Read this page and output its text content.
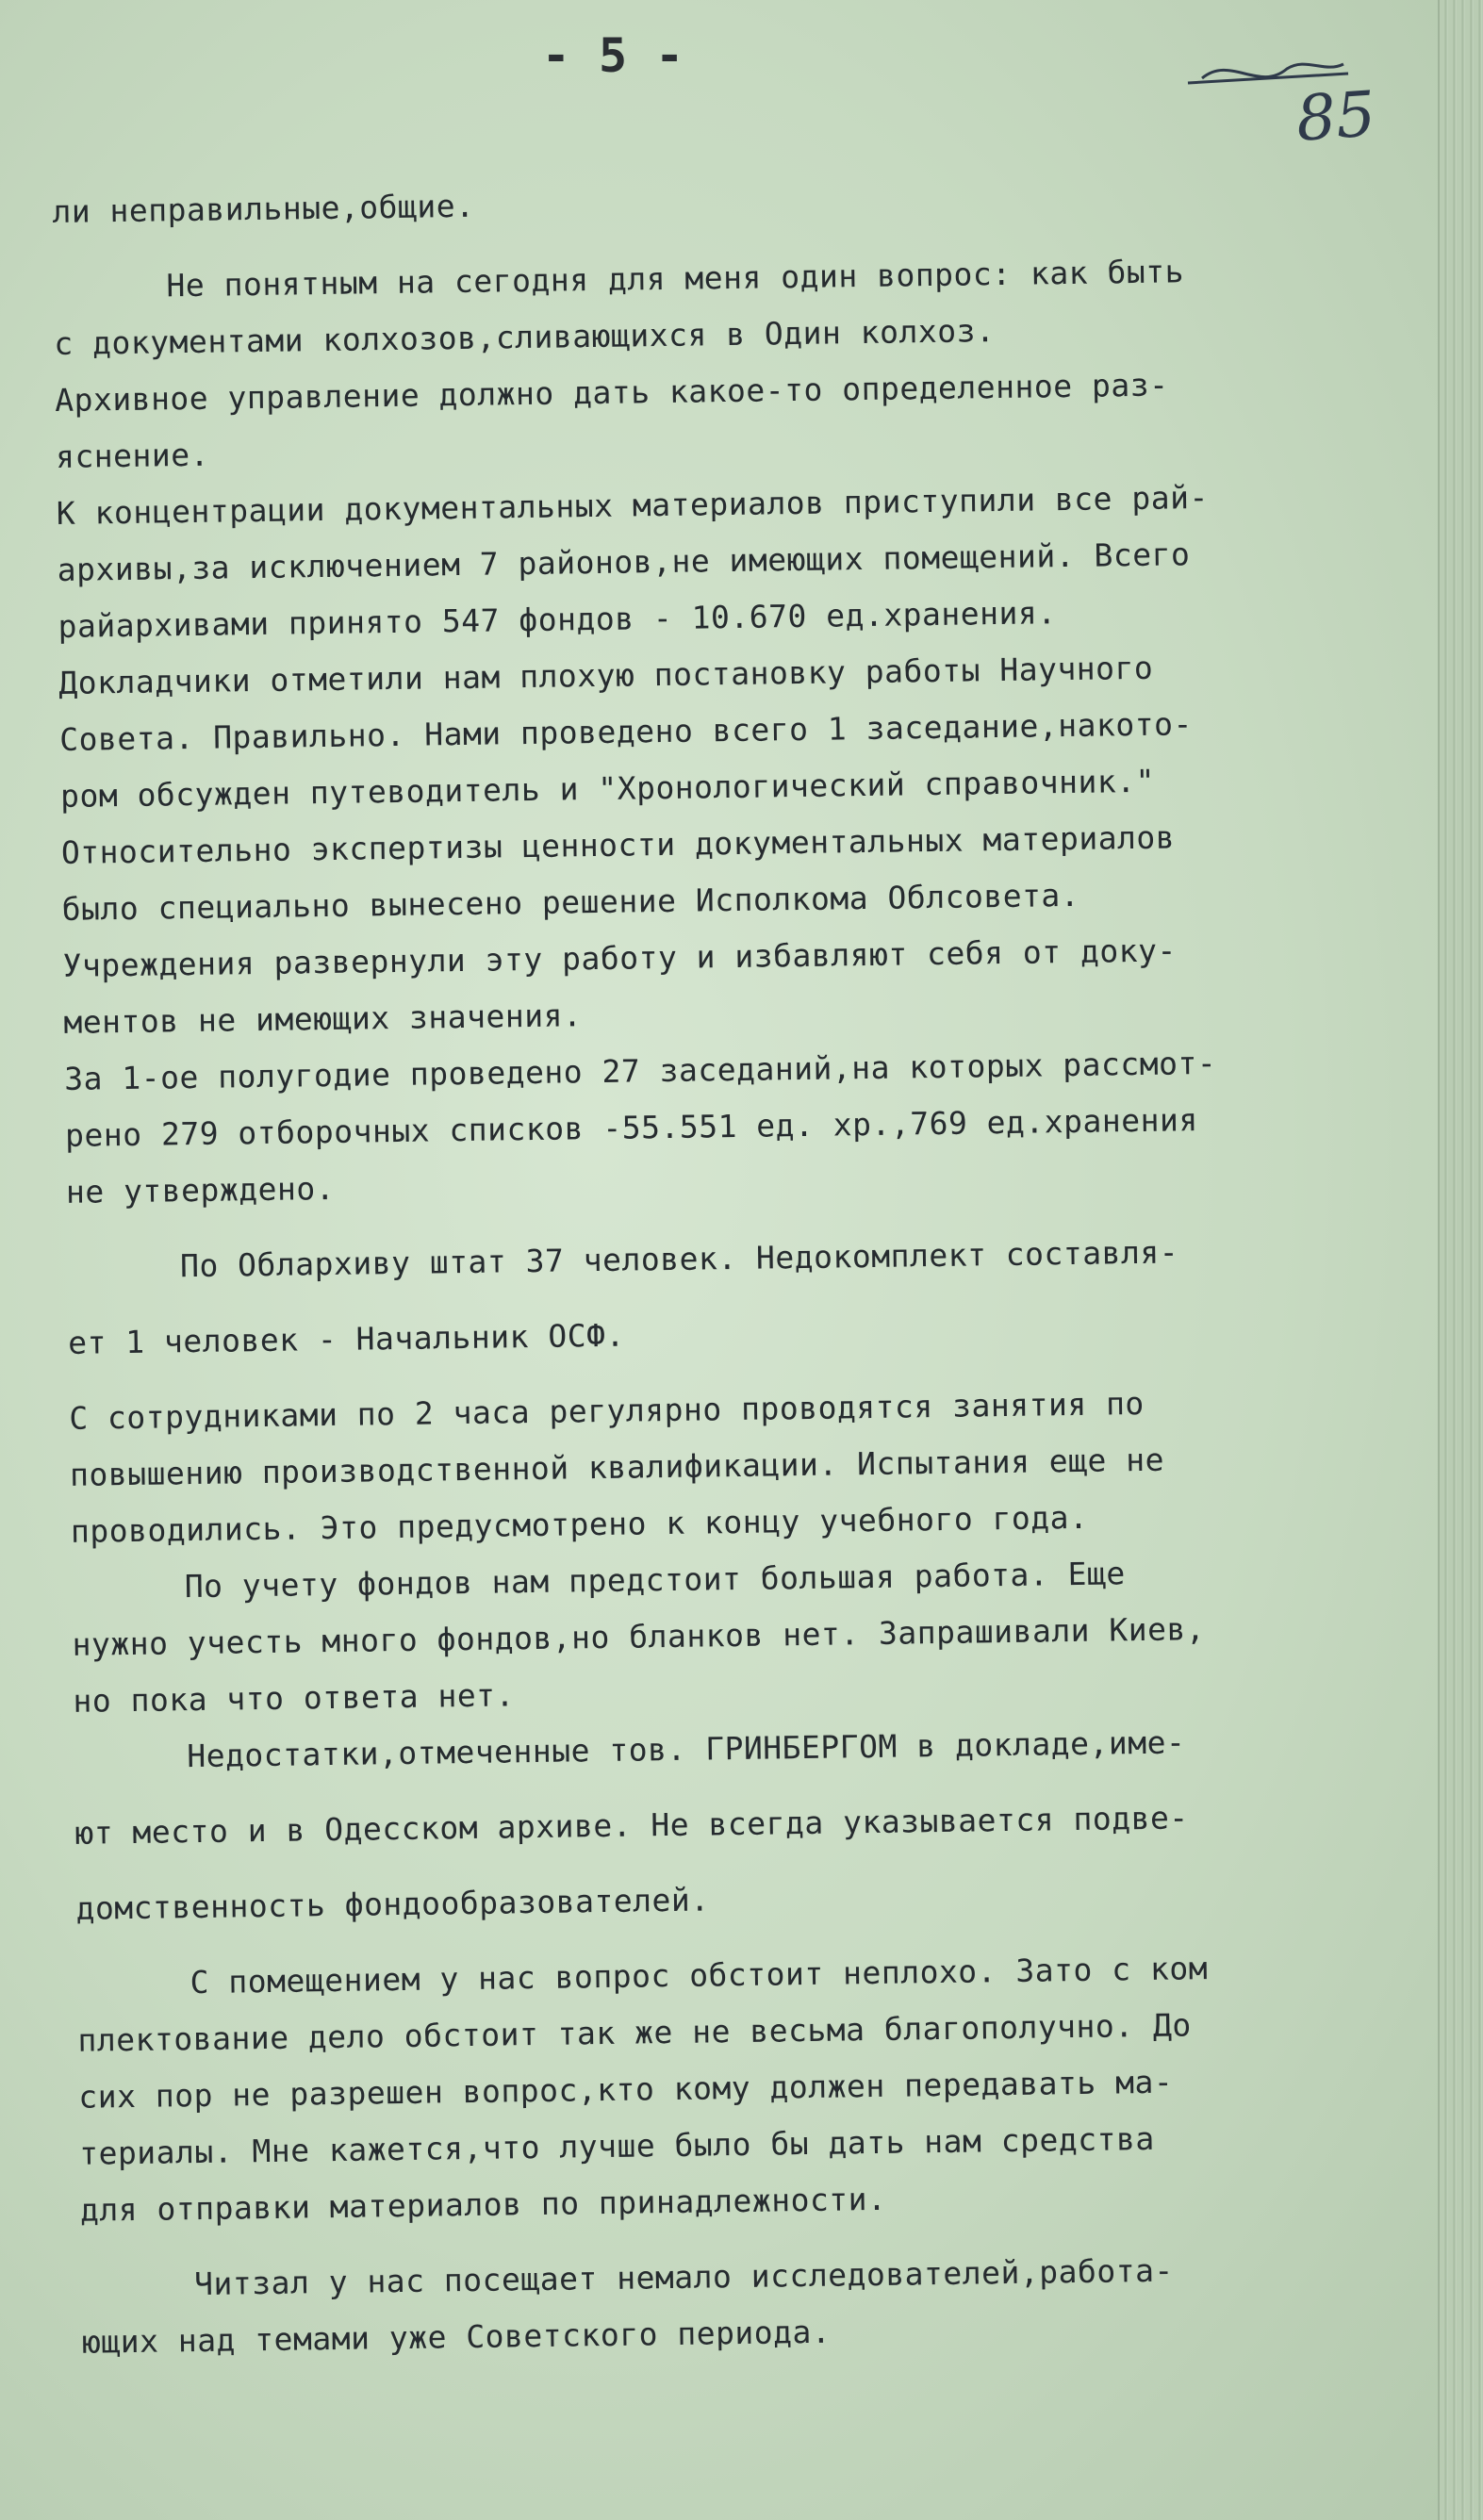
- 5 -
85
ли неправильные,общие.
Не понятным на сегодня для меня один вопрос: как быть
с документами колхозов,сливающихся в Один колхоз.
Архивное управление должно дать какое-то определенное раз-
яснение.
К концентрации документальных материалов приступили все рай-
архивы,за исключением 7 районов,не имеющих помещений. Всего
райархивами принято 547 фондов - 10.670 ед.хранения.
Докладчики отметили нам плохую постановку работы Научного
Совета. Правильно. Нами проведено всего 1 заседание,накото-
ром обсужден путеводитель и "Хронологический справочник."
Относительно экспертизы ценности документальных материалов
было специально вынесено решение Исполкома Облсовета.
Учреждения развернули эту работу и избавляют себя от доку-
ментов не имеющих значения.
За 1-ое полугодие проведено 27 заседаний,на которых рассмот-
рено 279 отборочных списков -55.551 ед. хр.,769 ед.хранения
не утверждено.
По Облархиву штат 37 человек. Недокомплект составля-
ет 1 человек - Начальник ОСФ.
С сотрудниками по 2 часа регулярно проводятся занятия по
повышению производственной квалификации. Испытания еще не
проводились. Это предусмотрено к концу учебного года.
По учету фондов нам предстоит большая работа. Еще
нужно учесть много фондов,но бланков нет. Запрашивали Киев,
но пока что ответа нет.
Недостатки,отмеченные тов. ГРИНБЕРГОМ в докладе,име-
ют место и в Одесском архиве. Не всегда указывается подве-
домственность фондообразователей.
С помещением у нас вопрос обстоит неплохо. Зато с ком
плектование дело обстоит так же не весьма благополучно. До
сих пор не разрешен вопрос,кто кому должен передавать ма-
териалы. Мне кажется,что лучше было бы дать нам средства
для отправки материалов по принадлежности.
Читзал у нас посещает немало исследователей,работа-
ющих над темами уже Советского периода.
